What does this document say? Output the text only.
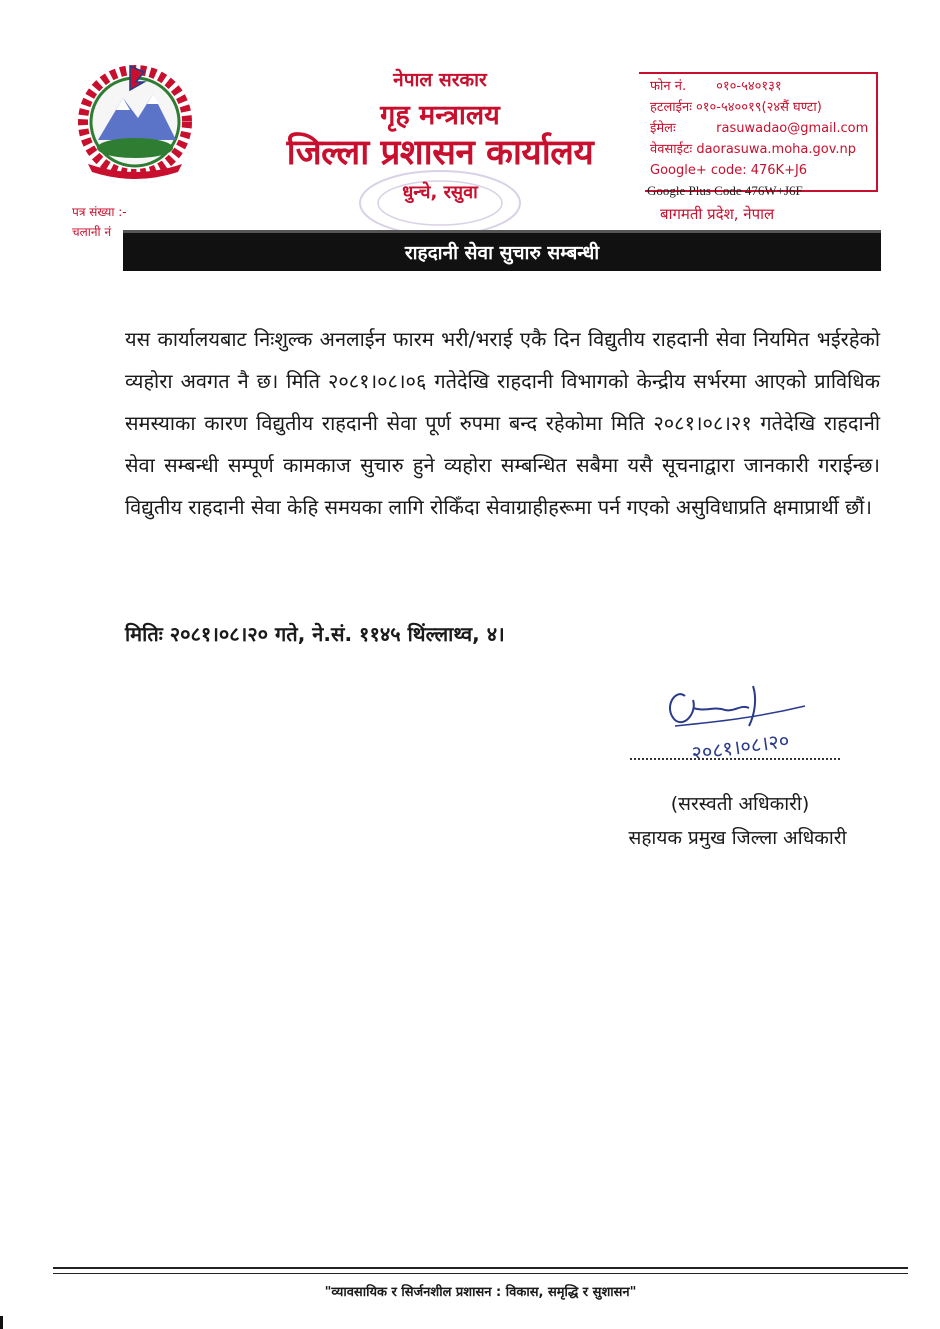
नेपाल सरकार
गृह मन्त्रालय
जिल्ला प्रशासन कार्यालय
धुन्चे, रसुवा
फोन नं. ०१०-५४०१३१
हटलाईनः ०१०-५४००१९(२४सैं घण्टा)
ईमेलः	rasuwadao@gmail.com
वेवसाईटः daorasuwa.moha.gov.np
Google+ code: 476K+J6
Google Plus Code 476W+J6F
बागमती प्रदेश, नेपाल
पत्र संख्या :-
चलानी नं
राहदानी सेवा सुचारु सम्बन्धी
यस कार्यालयबाट निःशुल्क अनलाईन फारम भरी/भराई एकै दिन विद्युतीय राहदानी सेवा नियमित भईरहेको व्यहोरा अवगत नै छ। मिति २०८१।०८।०६ गतेदेखि राहदानी विभागको केन्द्रीय सर्भरमा आएको प्राविधिक समस्याका कारण विद्युतीय राहदानी सेवा पूर्ण रुपमा बन्द रहेकोमा मिति २०८१।०८।२१ गतेदेखि राहदानी सेवा सम्बन्धी सम्पूर्ण कामकाज सुचारु हुने व्यहोरा सम्बन्धित सबैमा यसै सूचनाद्वारा जानकारी गराईन्छ। विद्युतीय राहदानी सेवा केहि समयका लागि रोकिँदा सेवाग्राहीहरूमा पर्न गएको असुविधाप्रति क्षमाप्रार्थी छौं।
मितिः २०८१।०८।२० गते, ने.सं. ११४५ थिंल्लाथ्व, ४।
२०८१।०८।२०
(सरस्वती अधिकारी)
सहायक प्रमुख जिल्ला अधिकारी
"व्यावसायिक र सिर्जनशील प्रशासन : विकास, समृद्धि र सुशासन"
